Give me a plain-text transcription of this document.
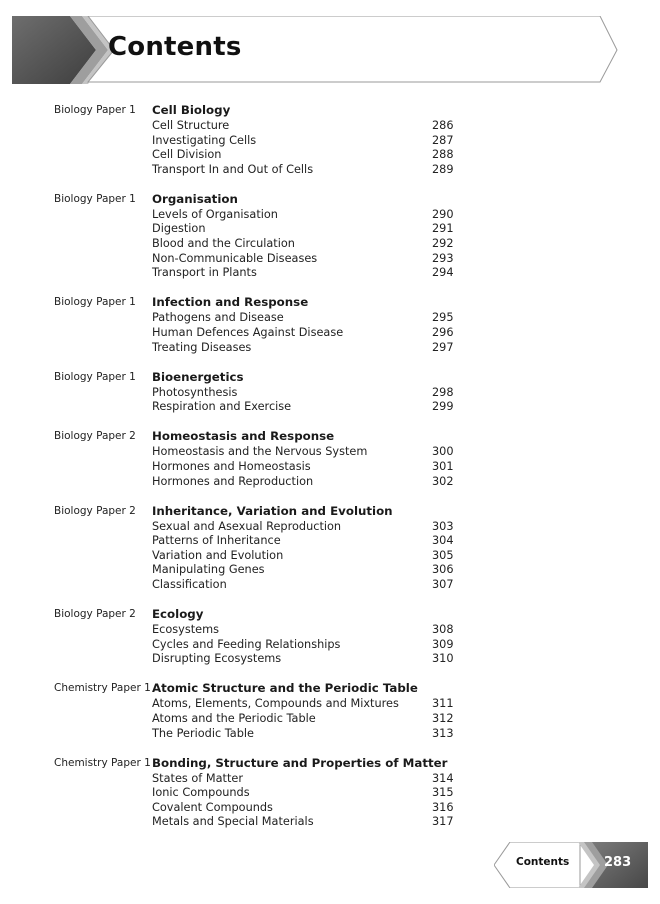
Contents
Biology Paper 1 Cell Biology
Cell Structure	286
Investigating Cells	287
Cell Division	288
Transport In and Out of Cells	289
Biology Paper 1 Organisation
Levels of Organisation	290
Digestion	291
Blood and the Circulation	292
Non-Communicable Diseases	293
Transport in Plants	294
Biology Paper 1 Infection and Response
Pathogens and Disease	295
Human Defences Against Disease	296
Treating Diseases	297
Biology Paper 1 Bioenergetics
Photosynthesis	298
Respiration and Exercise	299
Biology Paper 2 Homeostasis and Response
Homeostasis and the Nervous System	300
Hormones and Homeostasis	301
Hormones and Reproduction	302
Biology Paper 2 Inheritance, Variation and Evolution
Sexual and Asexual Reproduction	303
Patterns of Inheritance	304
Variation and Evolution	305
Manipulating Genes	306
Classification	307
Biology Paper 2 Ecology
Ecosystems	308
Cycles and Feeding Relationships	309
Disrupting Ecosystems	310
Chemistry Paper 1 Atomic Structure and the Periodic Table
Atoms, Elements, Compounds and Mixtures	311
Atoms and the Periodic Table	312
The Periodic Table	313
Chemistry Paper 1 Bonding, Structure and Properties of Matter
States of Matter	314
Ionic Compounds	315
Covalent Compounds	316
Metals and Special Materials	317
Contents	283
